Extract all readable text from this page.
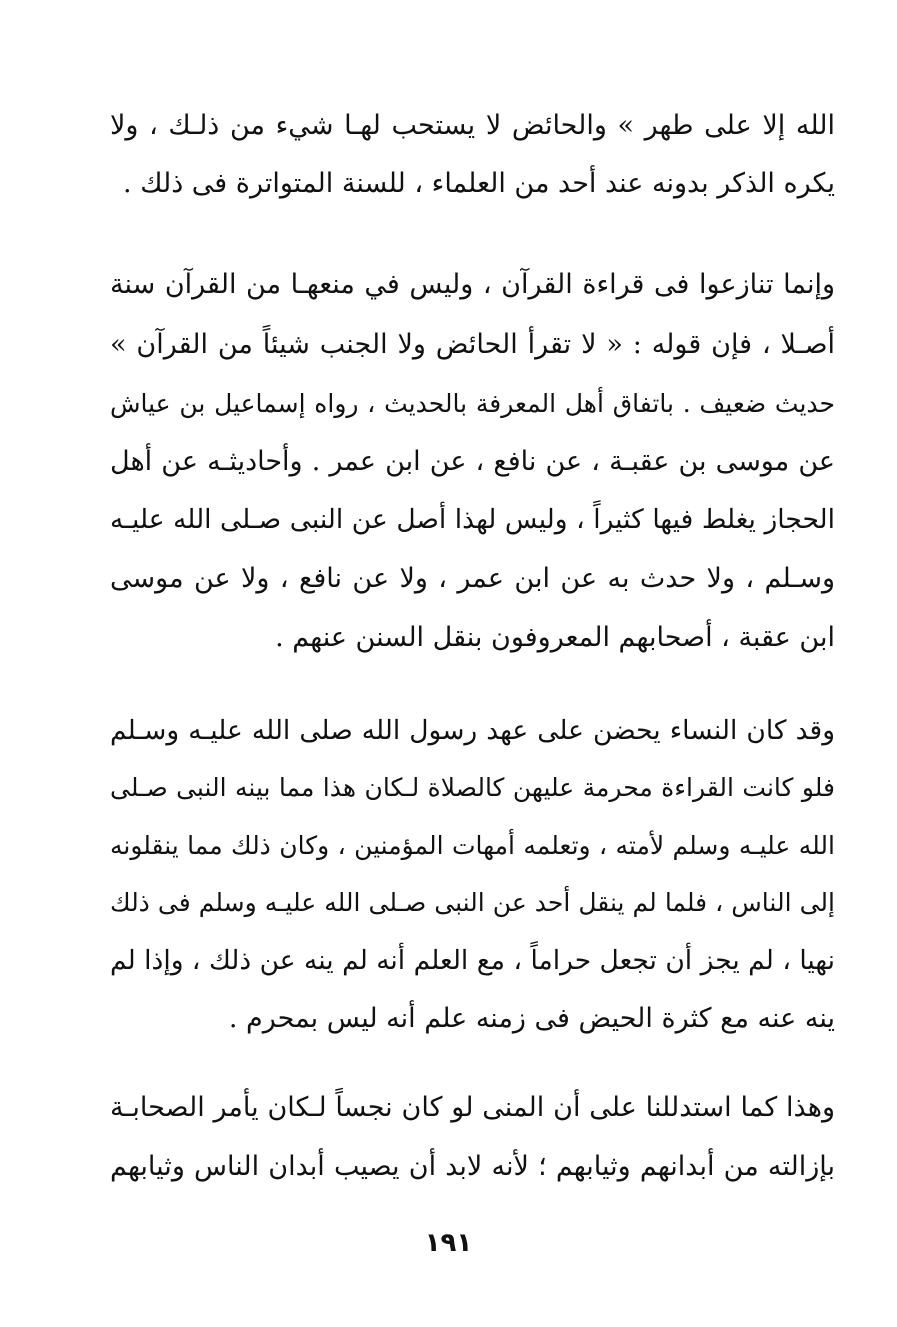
الله إلا على طهر » والحائض لا يستحب لهـا شيء من ذلـك ، ولا
يكره الذكر بدونه عند أحد من العلماء ، للسنة المتواترة فى ذلك .
وإنما تنازعوا فى قراءة القرآن ، وليس في منعهـا من القرآن سنة
أصـلا ، فإن قوله : « لا تقرأ الحائض ولا الجنب شيئاً من القرآن »
حديث ضعيف . باتفاق أهل المعرفة بالحديث ، رواه إسماعيل بن عياش
عن موسى بن عقبـة ، عن نافع ، عن ابن عمر . وأحاديثـه عن أهل
الحجاز يغلط فيها كثيراً ، وليس لهذا أصل عن النبى صـلى الله عليـه
وسـلم ، ولا حدث به عن ابن عمر ، ولا عن نافع ، ولا عن موسى
ابن عقبة ، أصحابهم المعروفون بنقل السنن عنهم .
وقد كان النساء يحضن على عهد رسول الله صلى الله عليـه وسـلم
فلو كانت القراءة محرمة عليهن كالصلاة لـكان هذا مما بينه النبى صـلى
الله عليـه وسلم لأمته ، وتعلمه أمهات المؤمنين ، وكان ذلك مما ينقلونه
إلى الناس ، فلما لم ينقل أحد عن النبى صـلى الله عليـه وسلم فى ذلك
نهيا ، لم يجز أن تجعل حراماً ، مع العلم أنه لم ينه عن ذلك ، وإذا لم
ينه عنه مع كثرة الحيض فى زمنه علم أنه ليس بمحرم .
وهذا كما استدللنا على أن المنى لو كان نجساً لـكان يأمر الصحابـة
بإزالته من أبدانهم وثيابهم ؛ لأنه لابد أن يصيب أبدان الناس وثيابهم
١٩١
